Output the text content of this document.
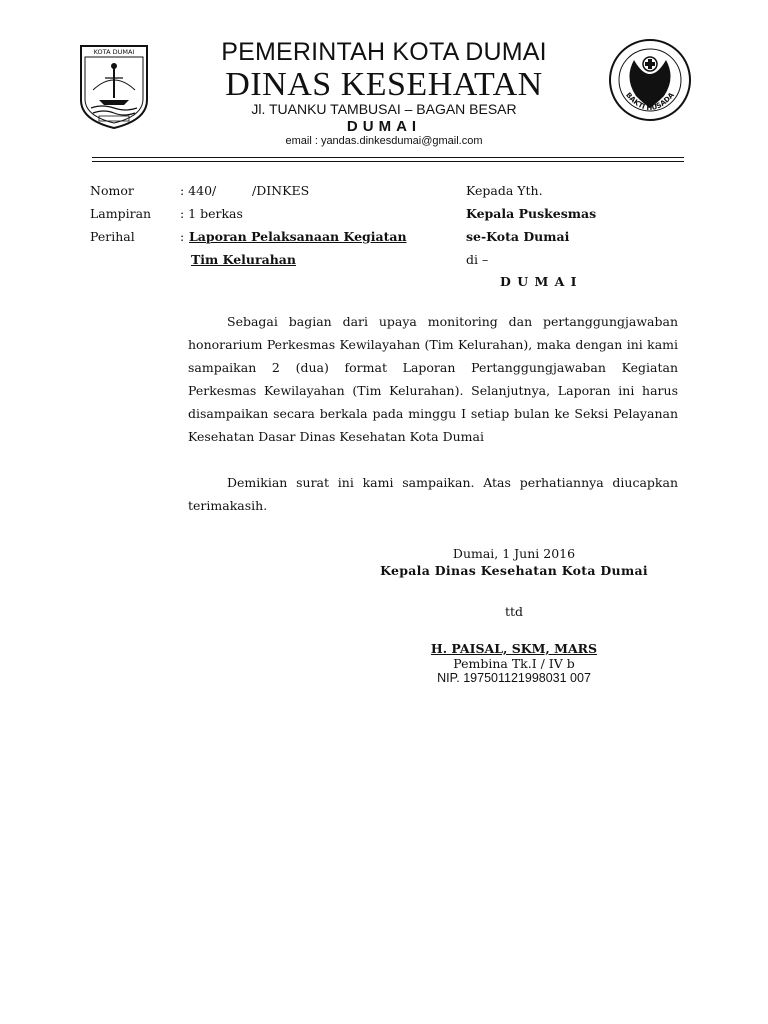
KOTA DUMAI
BAKTI HUSADA
PEMERINTAH KOTA DUMAI
DINAS KESEHATAN
Jl. TUANKU TAMBUSAI – BAGAN BESAR
DUMAI
email : yandas.dinkesdumai@gmail.com
Nomor	: 440/         /DINKES
Lampiran : 1 berkas
Perihal	: Laporan Pelaksanaan Kegiatan
Tim Kelurahan
Kepada Yth.
Kepala Puskesmas
se-Kota Dumai
di –
D U M A I

Sebagai bagian dari upaya monitoring dan pertanggungjawaban honorarium Perkesmas Kewilayahan (Tim Kelurahan), maka dengan ini kami sampaikan 2 (dua) format Laporan Pertanggungjawaban Kegiatan Perkesmas Kewilayahan (Tim Kelurahan). Selanjutnya, Laporan ini harus disampaikan secara berkala pada minggu I setiap bulan ke Seksi Pelayanan Kesehatan Dasar Dinas Kesehatan Kota Dumai

Demikian surat ini kami sampaikan. Atas perhatiannya diucapkan terimakasih.

Dumai, 1 Juni 2016
Kepala Dinas Kesehatan Kota Dumai
ttd
H. PAISAL, SKM, MARS
Pembina Tk.I / IV b
NIP. 197501121998031 007
